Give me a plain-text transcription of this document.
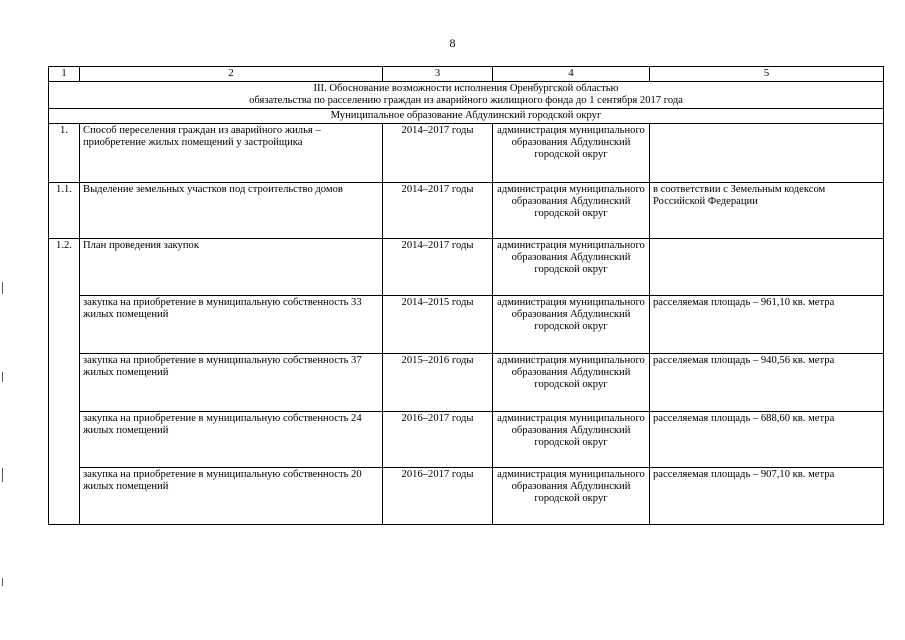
8
1	2	3	4	5

III. Обоснование возможности исполнения Оренбургской областью
обязательства по расселению граждан из аварийного жилищного фонда до 1 сентября 2017 года				

Муниципальное образование Абдулинский городской округ				
1.	Способ переселения граждан из аварийного жилья – приобретение жилых помещений у застройщика	2014–2017 годы	администрация муниципального образования Абдулинский городской округ	
1.1.	Выделение земельных участков под строительство домов	2014–2017 годы	администрация муниципального образования Абдулинский городской округ	в соответствии с Земельным кодексом Российской Федерации
1.2.	План проведения закупок	2014–2017 годы	администрация муниципального образования Абдулинский городской округ	
	закупка на приобретение в муниципальную собственность 33 жилых помещений	2014–2015 годы	администрация муниципального образования Абдулинский городской округ	расселяемая площадь – 961,10 кв. метра
	закупка на приобретение в муниципальную собственность 37 жилых помещений	2015–2016 годы	администрация муниципального образования Абдулинский городской округ	расселяемая площадь – 940,56 кв. метра
	закупка на приобретение в муниципальную собственность 24 жилых помещений	2016–2017 годы	администрация муниципального образования Абдулинский городской округ	расселяемая площадь – 688,60 кв. метра
	закупка на приобретение в муниципальную собственность 20 жилых помещений	2016–2017 годы	администрация муниципального образования Абдулинский городской округ	расселяемая площадь – 907,10 кв. метра
